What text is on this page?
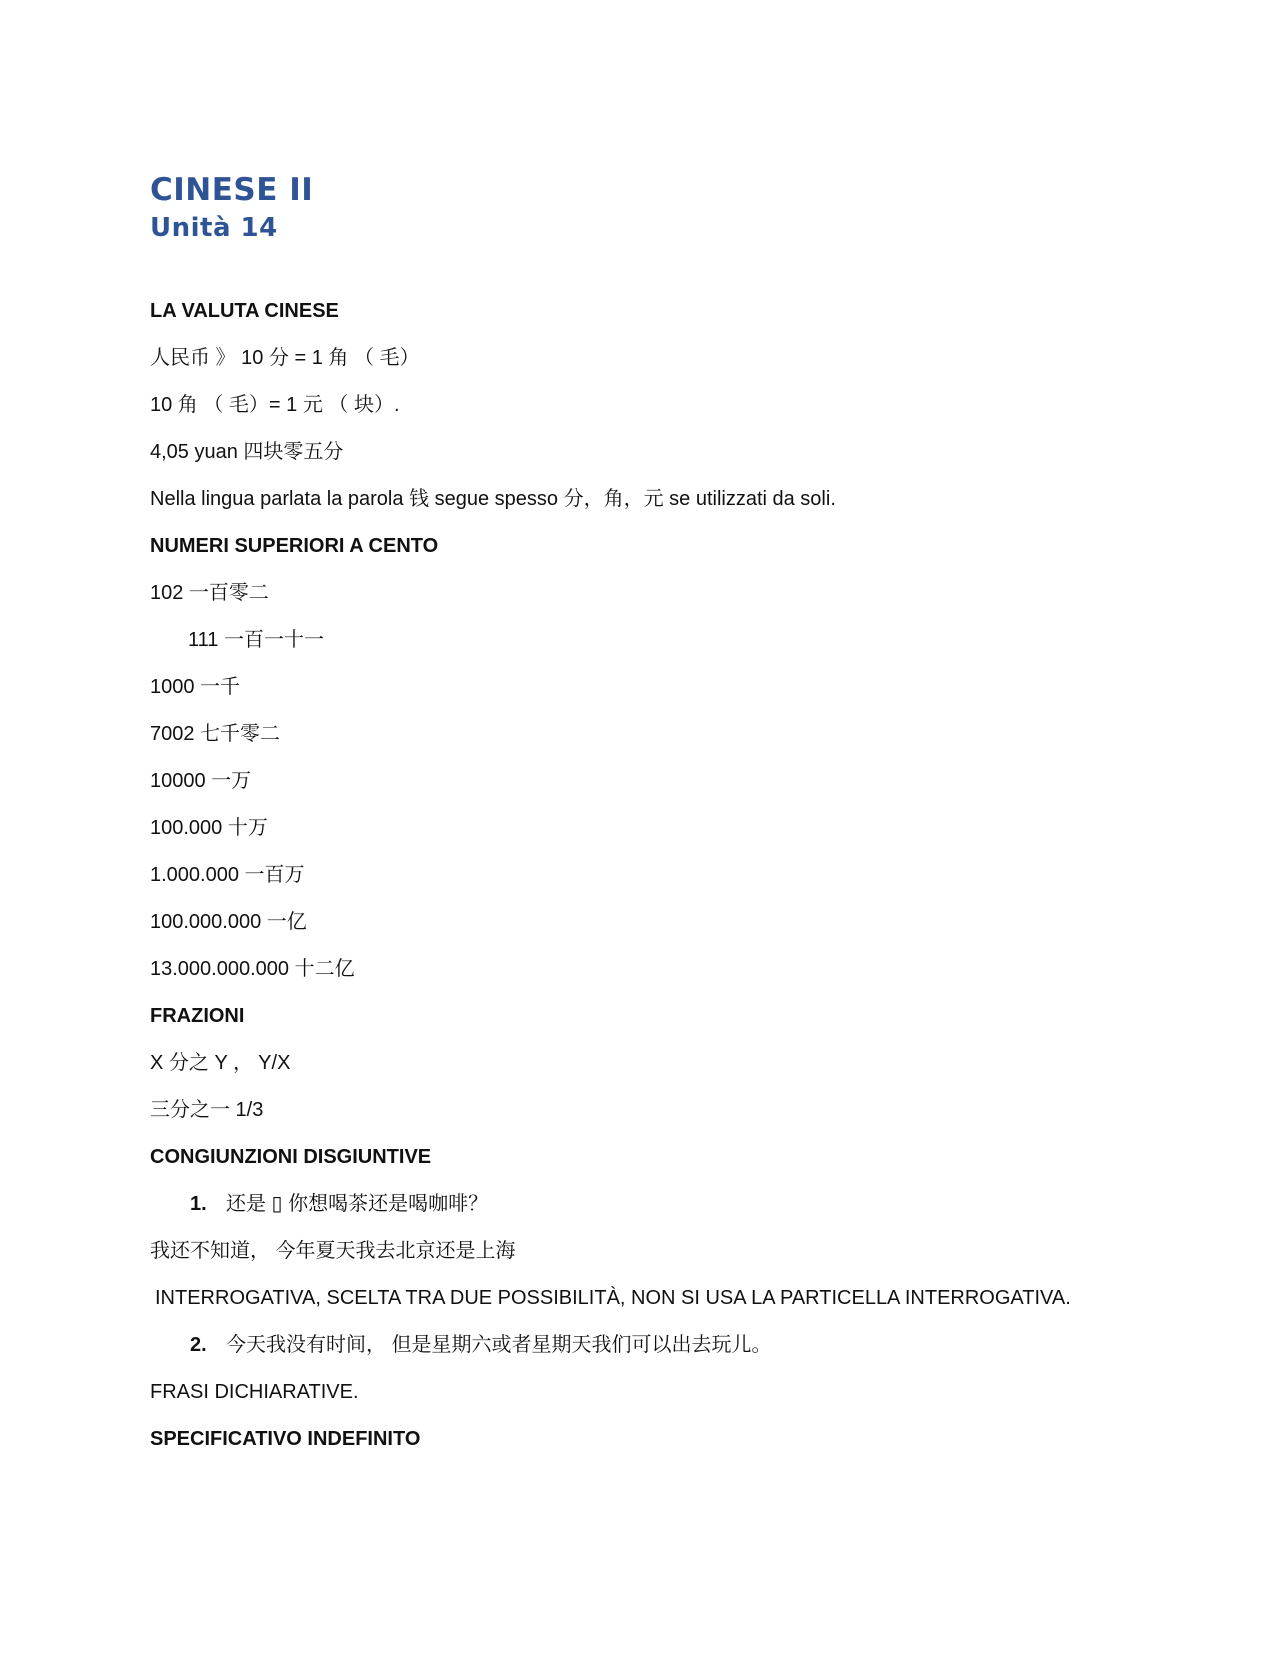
CINESE II
Unità 14
LA VALUTA CINESE
人民币 》 10 分 = 1 角 （ 毛）
10 角 （ 毛）= 1 元 （ 块）.
4,05 yuan 四块零五分
Nella lingua parlata la parola 钱 segue spesso 分，角，元 se utilizzati da soli.
NUMERI SUPERIORI A CENTO
102 一百零二
111 一百一十一
1000 一千
7002 七千零二
10000 一万
100.000 十万
1.000.000 一百万
100.000.000 一亿
13.000.000.000 十二亿
FRAZIONI
X 分之 Y ， Y/X
三分之一 1/3
CONGIUNZIONI DISGIUNTIVE
1. 还是 ▯ 你想喝茶还是喝咖啡？
我还不知道， 今年夏天我去北京还是上海
INTERROGATIVA, SCELTA TRA DUE POSSIBILITÀ, NON SI USA LA PARTICELLA INTERROGATIVA.
2. 今天我没有时间， 但是星期六或者星期天我们可以出去玩儿。
FRASI DICHIARATIVE.
SPECIFICATIVO INDEFINITO
